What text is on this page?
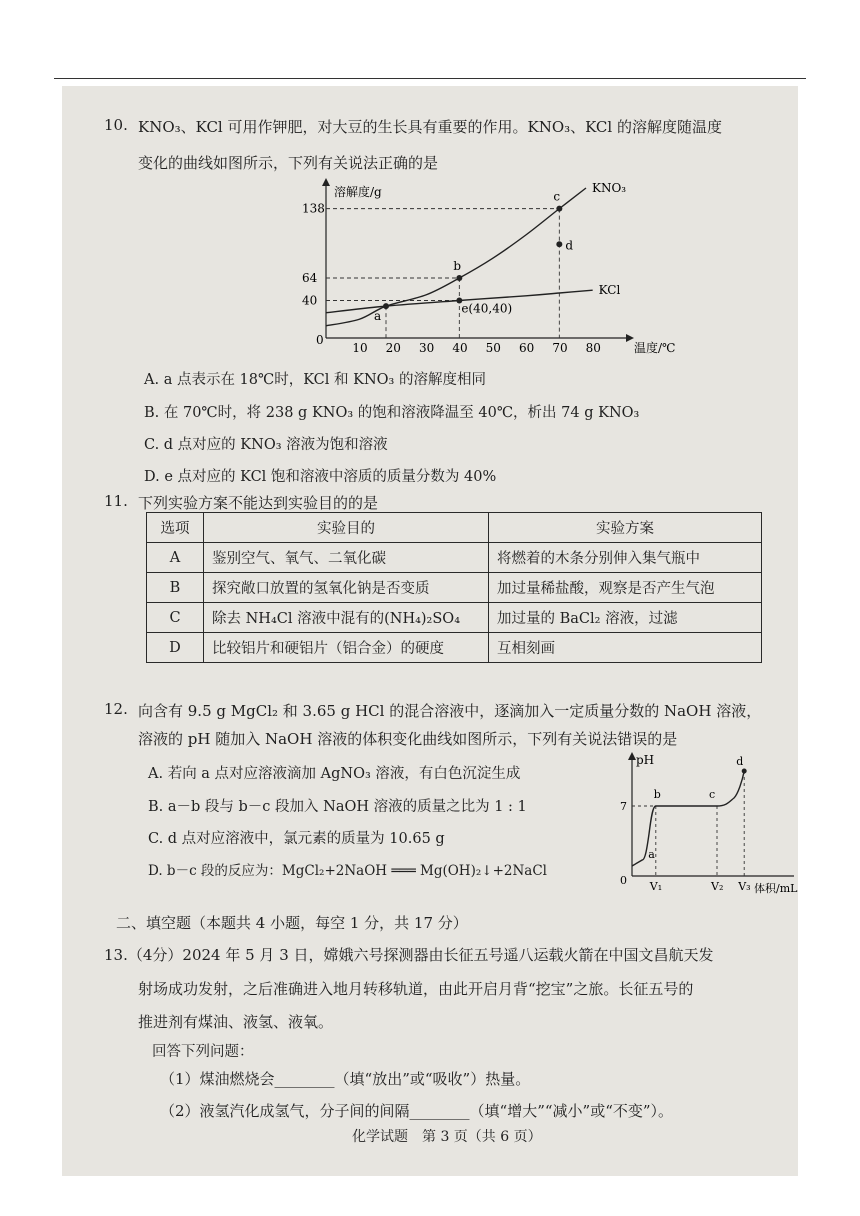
10. KNO₃、KCl 可用作钾肥，对大豆的生长具有重要的作用。KNO₃、KCl 的溶解度随温度
变化的曲线如图所示，下列有关说法正确的是
溶解度/g
温度/℃
0
10 20 30 40 50 60 70 80
40
64
138
KNO₃
KCl
a
b
c
d
e(40,40)
A. a 点表示在 18℃时，KCl 和 KNO₃ 的溶解度相同
B. 在 70℃时，将 238 g KNO₃ 的饱和溶液降温至 40℃，析出 74 g KNO₃
C. d 点对应的 KNO₃ 溶液为饱和溶液
D. e 点对应的 KCl 饱和溶液中溶质的质量分数为 40%
11. 下列实验方案不能达到实验目的的是
选项	实验目的	实验方案
A	鉴别空气、氧气、二氧化碳	将燃着的木条分别伸入集气瓶中
B	探究敞口放置的氢氧化钠是否变质	加过量稀盐酸，观察是否产生气泡
C	除去 NH₄Cl 溶液中混有的(NH₄)₂SO₄	加过量的 BaCl₂ 溶液，过滤
D	比较铝片和硬铝片（铝合金）的硬度	互相刻画
12. 向含有 9.5 g MgCl₂ 和 3.65 g HCl 的混合溶液中，逐滴加入一定质量分数的 NaOH 溶液，
溶液的 pH 随加入 NaOH 溶液的体积变化曲线如图所示，下列有关说法错误的是
A. 若向 a 点对应溶液滴加 AgNO₃ 溶液，有白色沉淀生成
B. a－b 段与 b－c 段加入 NaOH 溶液的质量之比为 1 : 1
C. d 点对应溶液中，氯元素的质量为 10.65 g
D. b－c 段的反应为：MgCl₂+2NaOH ═══ Mg(OH)₂↓+2NaCl
pH
0
体积/mL
7
V₁	V₂ V₃
a
b	c
d
二、填空题（本题共 4 小题，每空 1 分，共 17 分）
13.（4分）2024 年 5 月 3 日，嫦娥六号探测器由长征五号遥八运载火箭在中国文昌航天发
射场成功发射，之后准确进入地月转移轨道，由此开启月背“挖宝”之旅。长征五号的
推进剂有煤油、液氢、液氧。
回答下列问题：
（1）煤油燃烧会________（填“放出”或“吸收”）热量。
（2）液氢汽化成氢气，分子间的间隔________（填“增大”“减小”或“不变”）。
化学试题　第 3 页（共 6 页）
